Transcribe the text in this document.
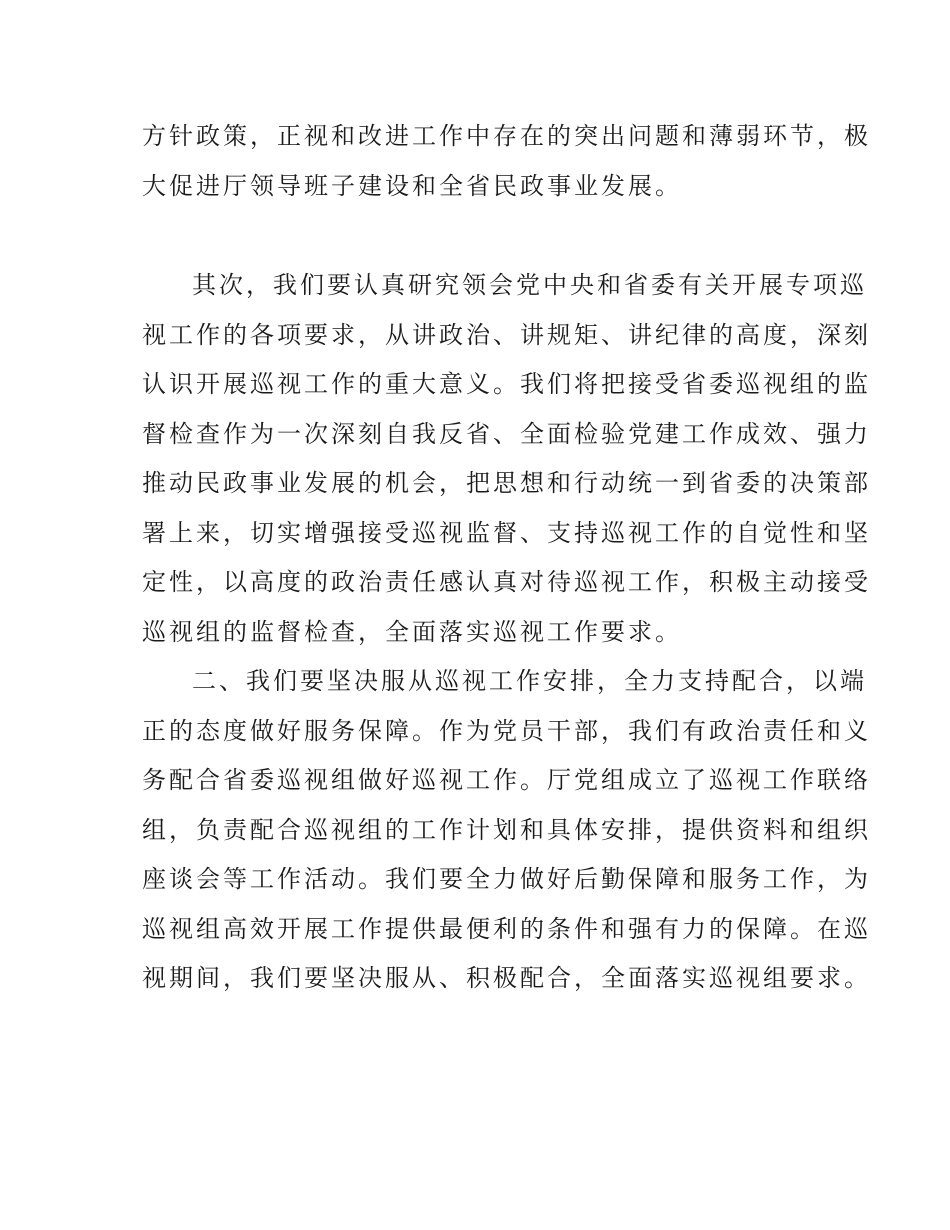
方针政策，正视和改进工作中存在的突出问题和薄弱环节，极
大促进厅领导班子建设和全省民政事业发展。
其次，我们要认真研究领会党中央和省委有关开展专项巡
视工作的各项要求，从讲政治、讲规矩、讲纪律的高度，深刻
认识开展巡视工作的重大意义。我们将把接受省委巡视组的监
督检查作为一次深刻自我反省、全面检验党建工作成效、强力
推动民政事业发展的机会，把思想和行动统一到省委的决策部
署上来，切实增强接受巡视监督、支持巡视工作的自觉性和坚
定性，以高度的政治责任感认真对待巡视工作，积极主动接受
巡视组的监督检查，全面落实巡视工作要求。
二、我们要坚决服从巡视工作安排，全力支持配合，以端
正的态度做好服务保障。作为党员干部，我们有政治责任和义
务配合省委巡视组做好巡视工作。厅党组成立了巡视工作联络
组，负责配合巡视组的工作计划和具体安排，提供资料和组织
座谈会等工作活动。我们要全力做好后勤保障和服务工作，为
巡视组高效开展工作提供最便利的条件和强有力的保障。在巡
视期间，我们要坚决服从、积极配合，全面落实巡视组要求。
